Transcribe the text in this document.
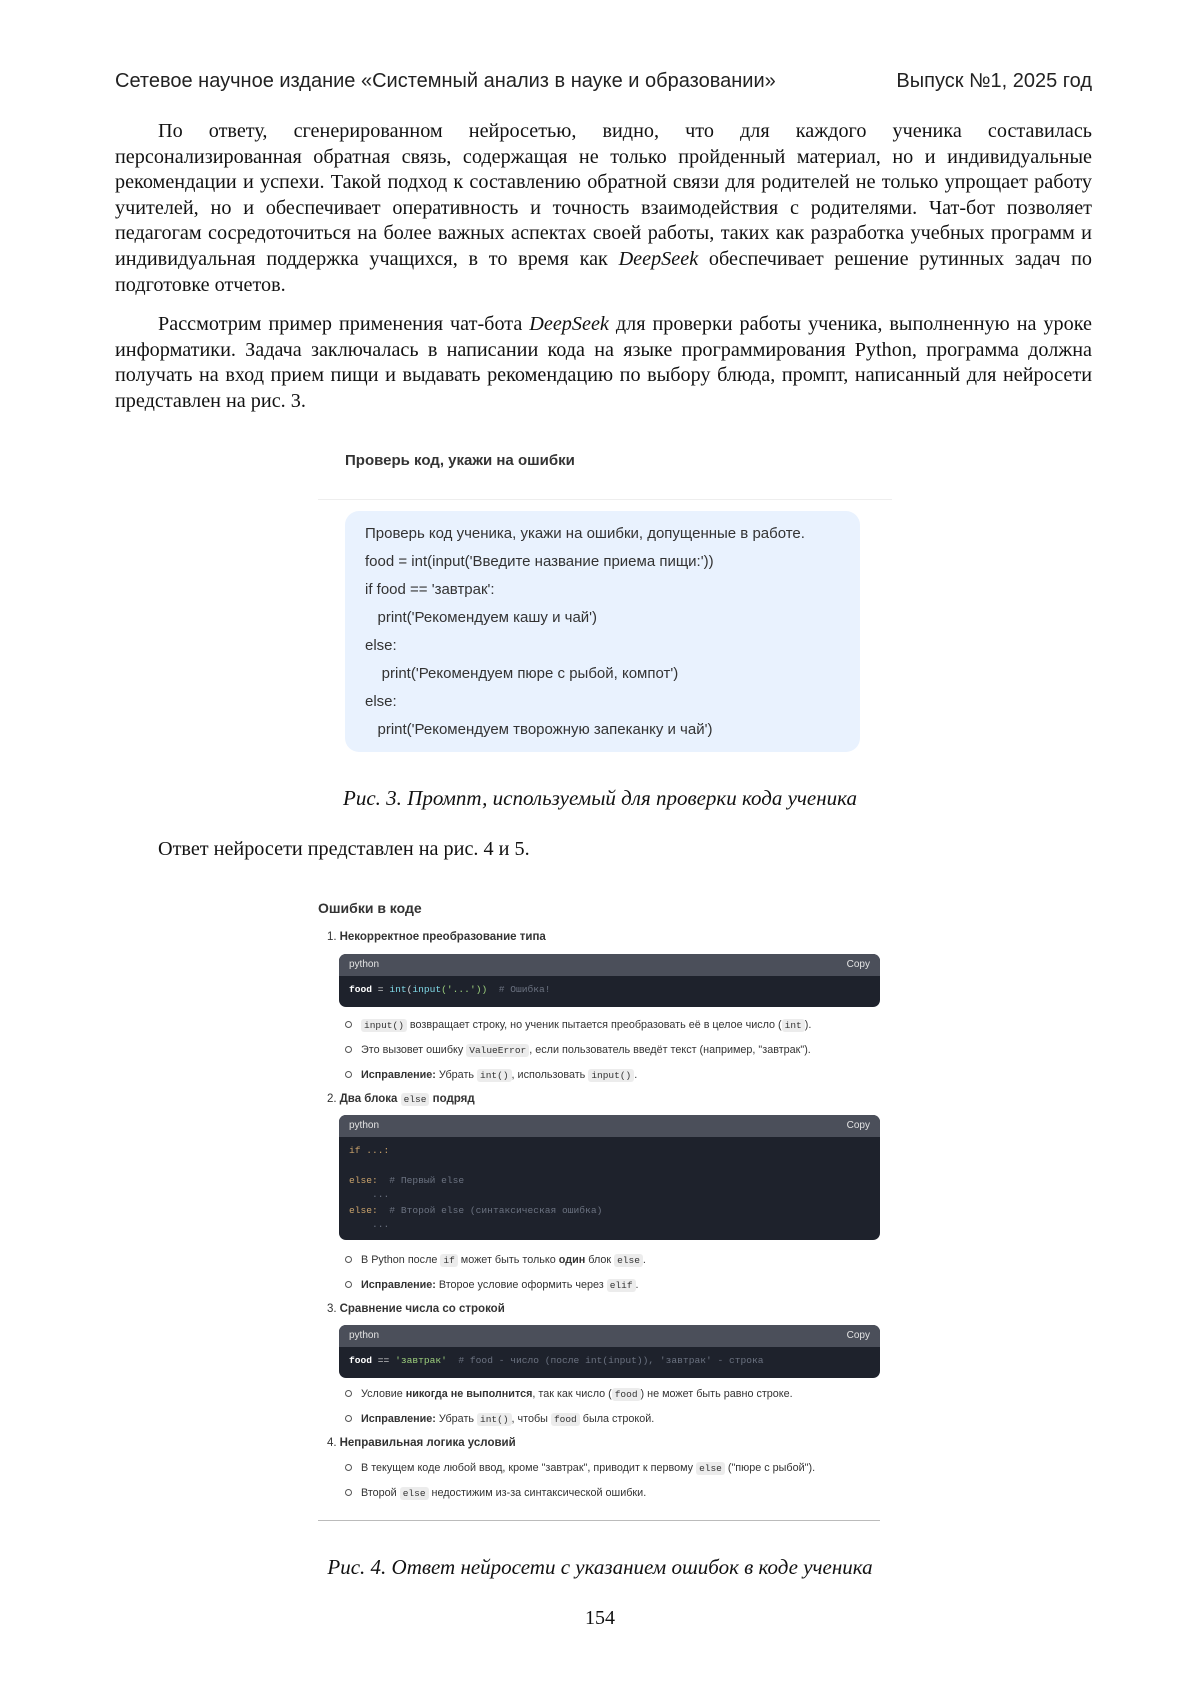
Сетевое научное издание «Системный анализ в науке и образовании»	Выпуск №1, 2025 год

По ответу, сгенерированном нейросетью, видно, что для каждого ученика составилась персонализированная обратная связь, содержащая не только пройденный материал, но и индивидуальные рекомендации и успехи. Такой подход к составлению обратной связи для родителей не только упрощает работу учителей, но и обеспечивает оперативность и точность взаимодействия с родителями. Чат-бот позволяет педагогам сосредоточиться на более важных аспектах своей работы, таких как разработка учебных программ и индивидуальная поддержка учащихся, в то время как DeepSeek обеспечивает решение рутинных задач по подготовке отчетов.

Рассмотрим пример применения чат-бота DeepSeek для проверки работы ученика, выполненную на уроке информатики. Задача заключалась в написании кода на языке программирования Python, программа должна получать на вход прием пищи и выдавать рекомендацию по выбору блюда, промпт, написанный для нейросети представлен на рис. 3.

Проверь код, укажи на ошибки
Проверь код ученика, укажи на ошибки, допущенные в работе.
food = int(input('Введите название приема пищи:'))
if food == 'завтрак':
print('Рекомендуем кашу и чай')
else:
print('Рекомендуем пюре с рыбой, компот')
else:
print('Рекомендуем творожную запеканку и чай')
Рис. 3. Промпт, используемый для проверки кода ученика

Ответ нейросети представлен на рис. 4 и 5.

Ошибки в коде
1. Некорректное преобразование типа
python	Copy
food = int(input('...'))  # Ошибка!
input() возвращает строку, но ученик пытается преобразовать её в целое число ( int ).
Это вызовет ошибку ValueError , если пользователь введёт текст (например, "завтрак").
Исправление: Убрать int() , использовать input() .
2. Два блока else подряд
python	Copy
if ...:
else:  # Первый else
...
else:  # Второй else (синтаксическая ошибка)
...
В Python после if может быть только один блок else .
Исправление: Второе условие оформить через elif .
3. Сравнение числа со строкой
python	Copy
food == 'завтрак'  # food - число (после int(input)), 'завтрак' - строка
Условие никогда не выполнится, так как число ( food ) не может быть равно строке.
Исправление: Убрать int() , чтобы food была строкой.
4. Неправильная логика условий
В текущем коде любой ввод, кроме "завтрак", приводит к первому else ("пюре с рыбой").
Второй else недостижим из-за синтаксической ошибки.
Рис. 4. Ответ нейросети с указанием ошибок в коде ученика
154
